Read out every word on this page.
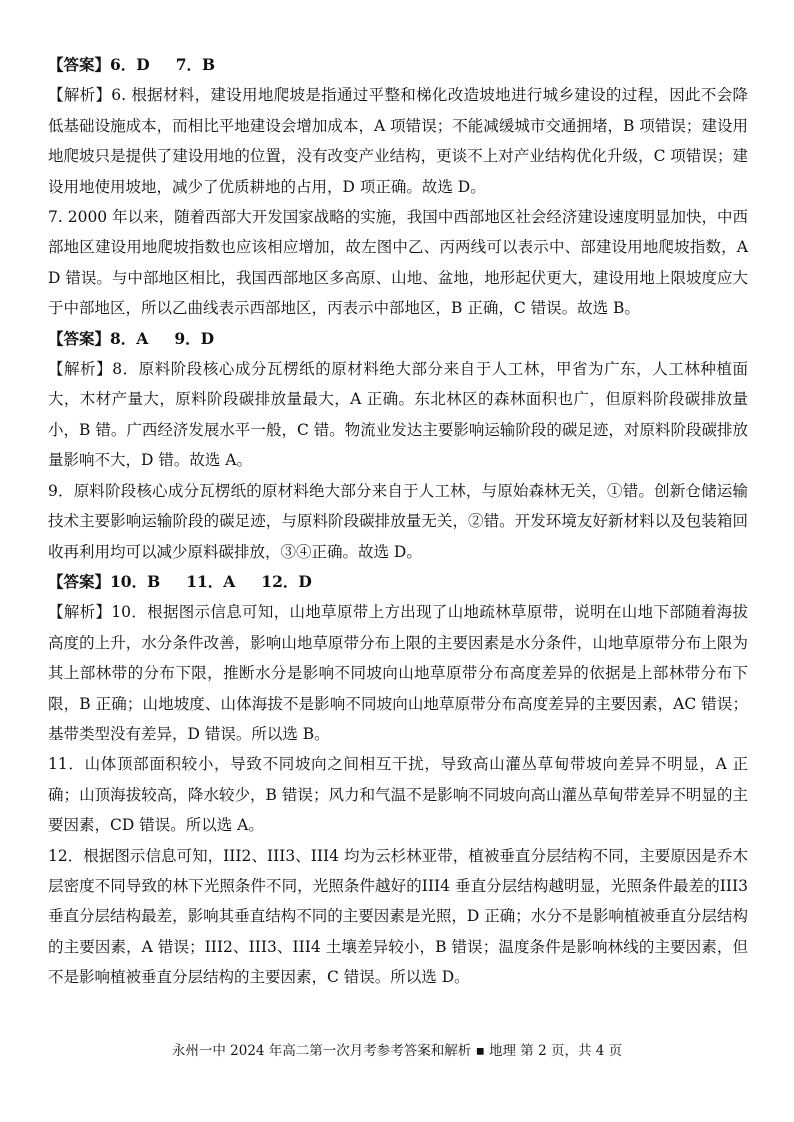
【答案】6．D 7．B

【解析】6. 根据材料，建设用地爬坡是指通过平整和梯化改造坡地进行城乡建设的过程，因此不会降低基础设施成本，而相比平地建设会增加成本，A 项错误；不能减缓城市交通拥堵，B 项错误；建设用地爬坡只是提供了建设用地的位置，没有改变产业结构，更谈不上对产业结构优化升级，C 项错误；建设用地使用坡地，减少了优质耕地的占用，D 项正确。故选 D。

7. 2000 年以来，随着西部大开发国家战略的实施，我国中西部地区社会经济建设速度明显加快，中西部地区建设用地爬坡指数也应该相应增加，故左图中乙、丙两线可以表示中、部建设用地爬坡指数，AD 错误。与中部地区相比，我国西部地区多高原、山地、盆地，地形起伏更大，建设用地上限坡度应大于中部地区，所以乙曲线表示西部地区，丙表示中部地区，B 正确，C 错误。故选 B。

【答案】8．A 9．D

【解析】8．原料阶段核心成分瓦楞纸的原材料绝大部分来自于人工林，甲省为广东，人工林种植面大，木材产量大，原料阶段碳排放量最大，A 正确。东北林区的森林面积也广，但原料阶段碳排放量小，B 错。广西经济发展水平一般，C 错。物流业发达主要影响运输阶段的碳足迹，对原料阶段碳排放量影响不大，D 错。故选 A。

9．原料阶段核心成分瓦楞纸的原材料绝大部分来自于人工林，与原始森林无关，①错。创新仓储运输技术主要影响运输阶段的碳足迹，与原料阶段碳排放量无关，②错。开发环境友好新材料以及包装箱回收再利用均可以减少原料碳排放，③④正确。故选 D。

【答案】10．B 11．A 12．D

【解析】10．根据图示信息可知，山地草原带上方出现了山地疏林草原带，说明在山地下部随着海拔高度的上升，水分条件改善，影响山地草原带分布上限的主要因素是水分条件，山地草原带分布上限为其上部林带的分布下限，推断水分是影响不同坡向山地草原带分布高度差异的依据是上部林带分布下限，B 正确；山地坡度、山体海拔不是影响不同坡向山地草原带分布高度差异的主要因素，AC 错误；基带类型没有差异，D 错误。所以选 B。

11．山体顶部面积较小，导致不同坡向之间相互干扰，导致高山灌丛草甸带坡向差异不明显，A 正确；山顶海拔较高，降水较少，B 错误；风力和气温不是影响不同坡向高山灌丛草甸带差异不明显的主要因素，CD 错误。所以选 A。

12．根据图示信息可知，III2、III3、III4 均为云杉林亚带，植被垂直分层结构不同，主要原因是乔木层密度不同导致的林下光照条件不同，光照条件越好的III4 垂直分层结构越明显，光照条件最差的III3 垂直分层结构最差，影响其垂直结构不同的主要因素是光照，D 正确；水分不是影响植被垂直分层结构的主要因素，A 错误；III2、III3、III4 土壤差异较小，B 错误；温度条件是影响林线的主要因素，但不是影响植被垂直分层结构的主要因素，C 错误。所以选 D。

永州一中 2024 年高二第一次月考参考答案和解析 ▪ 地理 第 2 页，共 4 页
